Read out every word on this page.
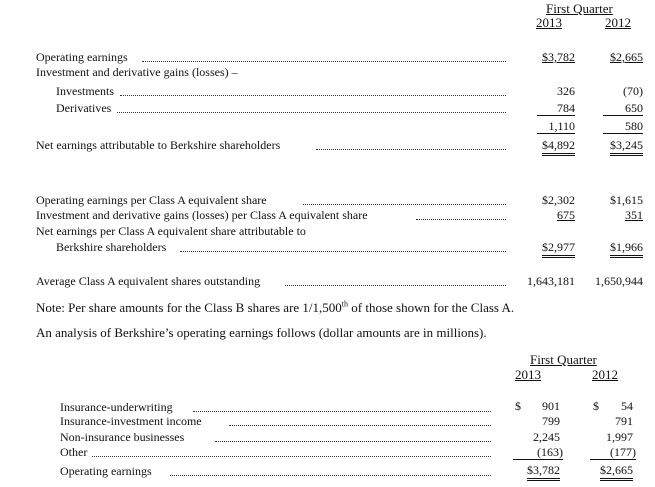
First Quarter
2013	2012
Operating earnings	$3,782	$2,665
Investment and derivative gains (losses) –
Investments	326	(70)
Derivatives	784	650
1,110	580
Net earnings attributable to Berkshire shareholders	$4,892	$3,245
Operating earnings per Class A equivalent share	$2,302	$1,615
Investment and derivative gains (losses) per Class A equivalent share	675	351
Net earnings per Class A equivalent share attributable to
Berkshire shareholders	$2,977	$1,966
Average Class A equivalent shares outstanding	1,643,181	1,650,944
Note: Per share amounts for the Class B shares are 1/1,500th of those shown for the Class A.
An analysis of Berkshire’s operating earnings follows (dollar amounts are in millions).
First Quarter
2013	2012
Insurance-underwriting	$	901	$	54
Insurance-investment income	799	791
Non-insurance businesses	2,245	1,997
Other	(163)	(177)
Operating earnings	$3,782	$2,665
